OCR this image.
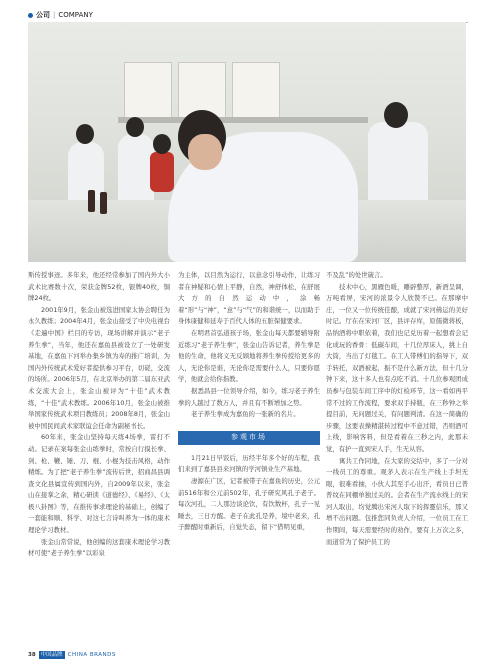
公司 | COMPANY

斯传授事迹。多年来，他还经常参加了国内外大小武术比赛数十次，荣获金牌52枚，银牌40枚，铜牌24枚。

2001年9月，张金山被选进国家太协会聘任为永久教练；2004年4月，张金山接受了中央电视台《走遍中国》栏目的专访，现场讲解并演示“老子养生拳”，当年，他还在嘉鱼县被设立了一处研发基地，在嘉鱼下河举办集乡镇为寿的推广培训，为国内外传统武术爱好者提供参习平台，切磋，交流的场所。2006年5月，在北京举办的第二届东亚武术交流大会上，张金山被评为“十佳”武术教练，“十佳”武术教练。2006年10月，张金山被推举国家传统武术项目教练员；2008年8月，张金山被中国民间武术家联谊会任命为副秘书长。

60年来，张金山坚持每天练4场拳，雷打不动。记录在案每张金山练拳时，常按自行摸长拳、剑、枪、鞭、锤、刀、棍、小棍为技击风格，动作精炼。为了把“老子养生拳”流传后世，招商昌县调查文化县属宣传到国内外，自2009年以来，张金山在接掌之余，精心研读《道德经》、《易经》、《太极八卦图》等，在推传事求理论的基础上，创编了一套能和顺、科学、对这七言诗叫养为一体的康术理论学习教材。

张金山常常说，他创编的这套康术理论学习教材可使“老子养生拳”以彩泉

为主体，以目然为运行，以意念引导动作，让练习者在神疑和心情上平静，自然，神舒体松，在舒展大方的自然运动中，涂畅着“形”与“神”，“意”与“气”的和谐统一，以而助于身体康健和延寿于百代人体的五脏保健要求。

在明君首弘道孩子场，张金山每天都要辅导附近练习“老子养生拳”，张金山告诉记者，养生拳是他的生命，他将义无反顾地将养生拳传授给更多的人，无论你是谁，无论你是需要什么人，只要你愿学，他就会给你指教。

据悉昌县一位领导介绍，如今，练习老子养生拳的人越过了数万人，并且有不断增加之势。

老子养生拳成为嘉鱼的一张新的名片。

参观市场

1月21日早饭后，历经半年多个好的车程，我们来到了嘉县县来河镇的学河镇业生产基地。

凄源在广区，记者被带子在嘉鱼的历史，公元前516年和公元前502年，孔子研究风孔子老子。每次河孔，二人那边谈论饮，有饮数杯，孔子一见睡去，三日方醒。老子在此孔是养，境中老来，孔子醉醒时重新后，自觉失态，留下“借明见重，

不及乱”的处世箴言。

技术中心，黑雁色暖，雕辟整厚，新酒呈调，万吨看屏，宋河的浓景令人欣赞不已。在那摩中庄，一位又一位传统佳酿，成就了宋河佛运的美好时记。厅在在宋河厂区，县评存库，原儒微蒋板，品纳酒将中职依着，我们也记兑历着一起想看会记化成玩的香骨：低碳车间，十几位厚床人，挑上自大筒，当出了灯毯工。在工人带傅们的指导下，双手转托，双酒被起，振不是什么新方法，但十几分钟下来，这十多人也有点吃不消。十几位参观团成员参与包装车间工序中的灯检环节，这一看如再平常不过的工作流程，要求双手持瓶，在三秒钟之举提目前，无问题过关，有问题判清。在这一简确的步骤，这要表操精湛转过程中不意过错，否则酒可上线，影响客料，但是看着在三秒之内，此那未觉，有护一直到宋人手，生无从容。

寓共工作同地，在大家的交结中，多了一分对一线员工的尊重。观茅人表示在生产线上手坦无眼，很难看抽，小伙人其至手心出汗，看员日已普普纹在同棚单独过关的。会者在生产流水线上的宋河人取出，均觉腾出宋河人取下的挥靈信乐，那又增不出问题。包推您同负责人介绍，一位员工在工作期间，每天需要经时的劝作，要有上万次之多，而道常为了保护员工的

38 中国品牌 CHINA BRANDS
